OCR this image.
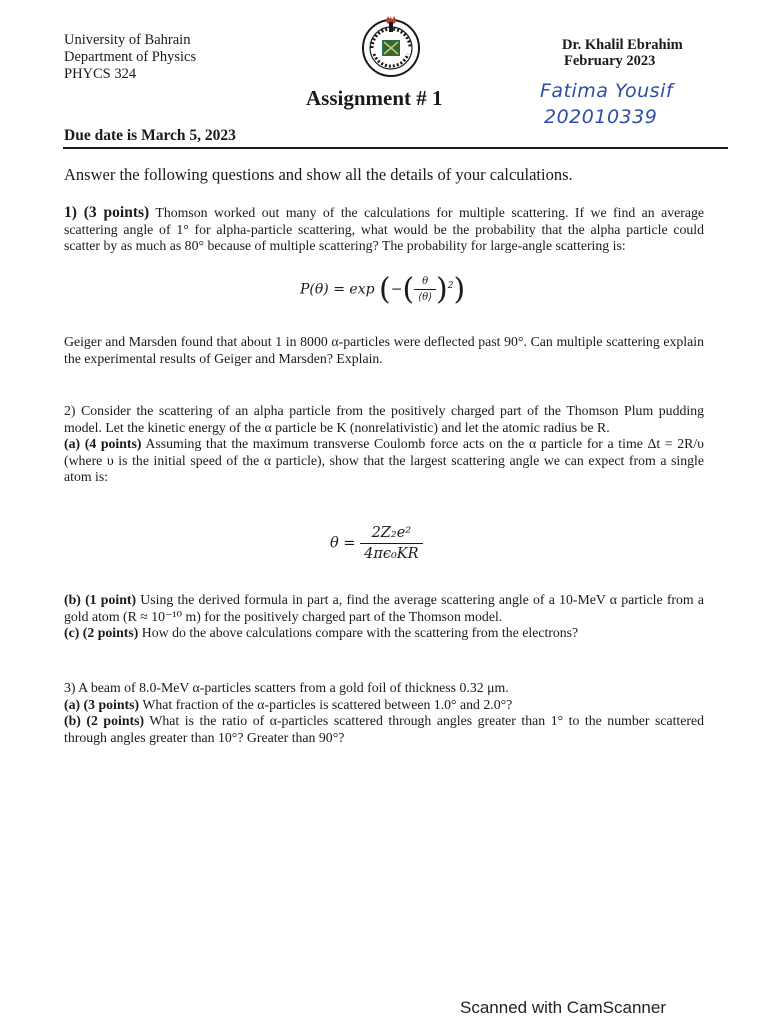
University of Bahrain
Department of Physics
PHYCS 324
Dr. Khalil Ebrahim
February 2023
Assignment # 1	Fatima Yousif
202010339
Due date is March 5, 2023
Answer the following questions and show all the details of your calculations.
1) (3 points) Thomson worked out many of the calculations for multiple scattering. If we find an average scattering angle of 1° for alpha-particle scattering, what would be the probability that the alpha particle could scatter by as much as 80° because of multiple scattering? The probability for large-angle scattering is:
P(θ) = exp (−( $\frac{\theta}{⟨\theta⟩} )^2$)
Geiger and Marsden found that about 1 in 8000 α-particles were deflected past 90°. Can multiple scattering explain the experimental results of Geiger and Marsden? Explain.
2) Consider the scattering of an alpha particle from the positively charged part of the Thomson Plum pudding model. Let the kinetic energy of the α particle be K (nonrelativistic) and let the atomic radius be R.
(a) (4 points) Assuming that the maximum transverse Coulomb force acts on the α particle for a time Δt = 2R/υ (where υ is the initial speed of the α particle), show that the largest scattering angle we can expect from a single atom is:
$\theta = \frac{\text{2Z₂e²}}{\text{4πϵ₀KR}}$
(b) (1 point) Using the derived formula in part a, find the average scattering angle of a 10-MeV α particle from a gold atom (R ≈ 10⁻¹⁰ m) for the positively charged part of the Thomson model.
(c) (2 points) How do the above calculations compare with the scattering from the electrons?
3) A beam of 8.0-MeV α-particles scatters from a gold foil of thickness 0.32 μm.
(a) (3 points) What fraction of the α-particles is scattered between 1.0° and 2.0°?
(b) (2 points) What is the ratio of α-particles scattered through angles greater than 1° to the number scattered through angles greater than 10°? Greater than 90°?
Scanned with CamScanner
